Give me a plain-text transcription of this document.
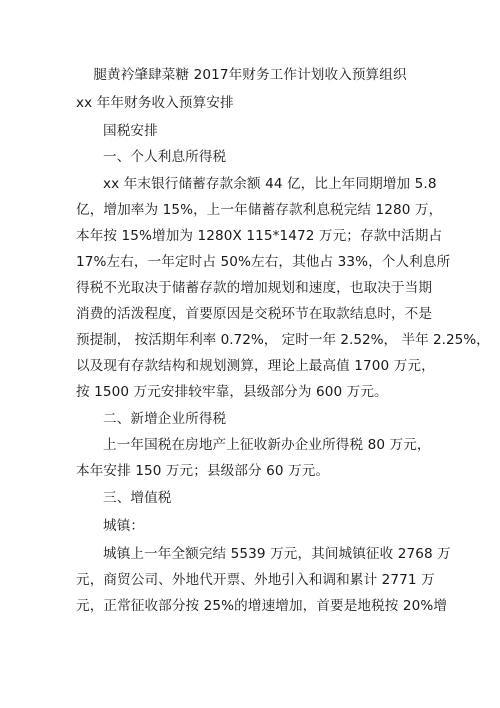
腿黄衿肇肆菜糖 2017年财务工作计划收入预算组织
xx 年年财务收入预算安排
国税安排
一、个人利息所得税
xx 年末银行储蓄存款余额 44 亿，比上年同期增加 5.8
亿，增加率为 15%，上一年储蓄存款利息税完结 1280 万，
本年按 15%增加为 1280X 115*1472 万元；存款中活期占
17%左右，一年定时占 50%左右，其他占 33%，个人利息所
得税不光取决于储蓄存款的增加规划和速度，也取决于当期
消费的活泼程度，首要原因是交税环节在取款结息时，不是
预提制， 按活期年利率 0.72%， 定时一年 2.52%， 半年 2.25%，
以及现有存款结构和规划测算，理论上最高值 1700 万元，
按 1500 万元安排较牢靠，县级部分为 600 万元。
二、新增企业所得税
上一年国税在房地产上征收新办企业所得税 80 万元，
本年安排 150 万元；县级部分 60 万元。
三、增值税
城镇：
城镇上一年全额完结 5539 万元，其间城镇征收 2768 万
元，商贸公司、外地代开票、外地引入和调和累计 2771 万
元，正常征收部分按 25%的增速增加，首要是地税按 20%增
